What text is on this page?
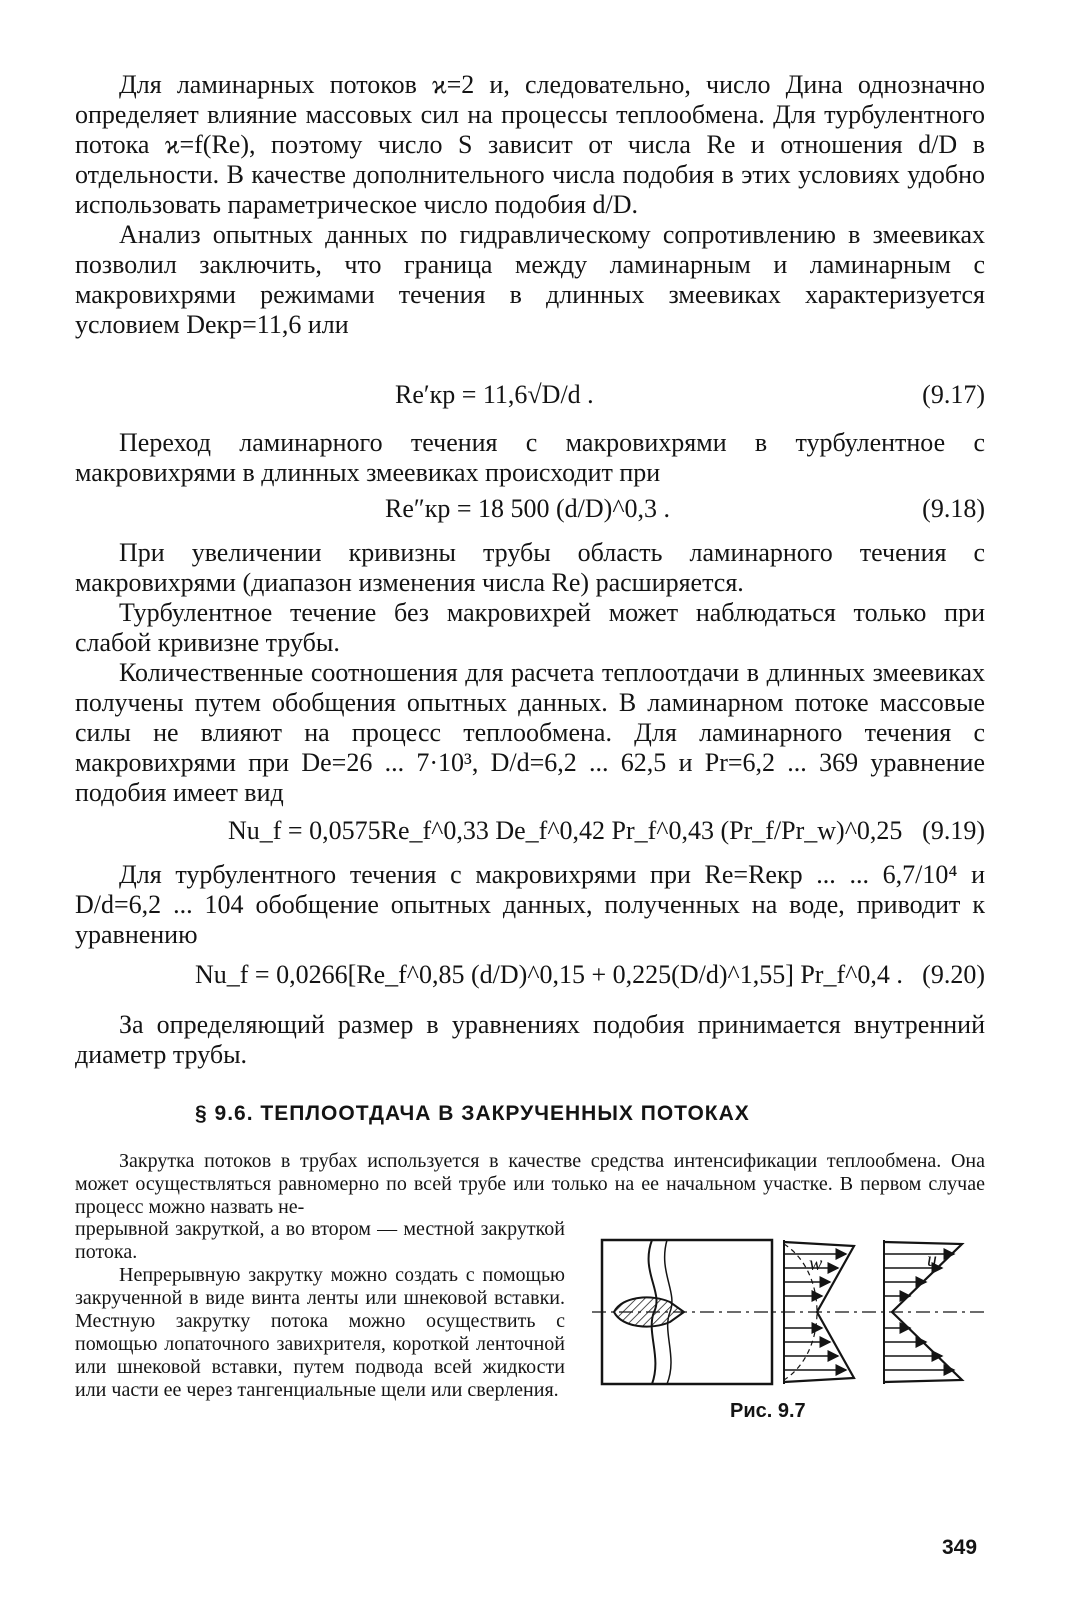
Для ламинарных потоков ϰ=2 и, следовательно, число Дина однозначно определяет влияние массовых сил на процессы теплообмена. Для турбулентного потока ϰ=f(Re), поэтому число S зависит от числа Re и отношения d/D в отдельности. В качестве дополнительного числа подобия в этих условиях удобно использовать параметрическое число подобия d/D.

Анализ опытных данных по гидравлическому сопротивлению в змеевиках позволил заключить, что граница между ламинарным и ламинарным с макровихрями режимами течения в длинных змеевиках характеризуется условием Deкр=11,6 или

Re′кр = 11,6√D/d .	(9.17)

Переход ламинарного течения с макровихрями в турбулентное с макровихрями в длинных змеевиках происходит при

Re″кр = 18 500 (d/D)^0,3 .	(9.18)

При увеличении кривизны трубы область ламинарного течения с макровихрями (диапазон изменения числа Re) расширяется.

Турбулентное течение без макровихрей может наблюдаться только при слабой кривизне трубы.

Количественные соотношения для расчета теплоотдачи в длинных змеевиках получены путем обобщения опытных данных. В ламинарном потоке массовые силы не влияют на процесс теплообмена. Для ламинарного течения с макровихрями при De=26 ... 7·10³, D/d=6,2 ... 62,5 и Pr=6,2 ... 369 уравнение подобия имеет вид

Nu_f = 0,0575Re_f^0,33 De_f^0,42 Pr_f^0,43 (Pr_f/Pr_w)^0,25 (9.19)

Для турбулентного течения с макровихрями при Re=Reкр ... ... 6,7/10⁴ и D/d=6,2 ... 104 обобщение опытных данных, полученных на воде, приводит к уравнению

Nu_f = 0,0266[Re_f^0,85 (d/D)^0,15 + 0,225(D/d)^1,55] Pr_f^0,4 . (9.20)

За определяющий размер в уравнениях подобия принимается внутренний диаметр трубы.

§ 9.6. ТЕПЛООТДАЧА В ЗАКРУЧЕННЫХ ПОТОКАХ

Закрутка потоков в трубах используется в качестве средства интенсификации теплообмена. Она может осуществляться равномерно по всей трубе или только на ее начальном участке. В первом случае процесс можно назвать не-

прерывной закруткой, а во втором — местной закруткой потока.

Непрерывную закрутку можно создать с помощью закрученной в виде винта ленты или шнековой вставки. Местную закрутку потока можно осуществить с помощью лопаточного завихрителя, короткой ленточной или шнековой вставки, путем подвода всей жидкости или части ее через тангенциальные щели или сверления.

w	u
Рис. 9.7
349
